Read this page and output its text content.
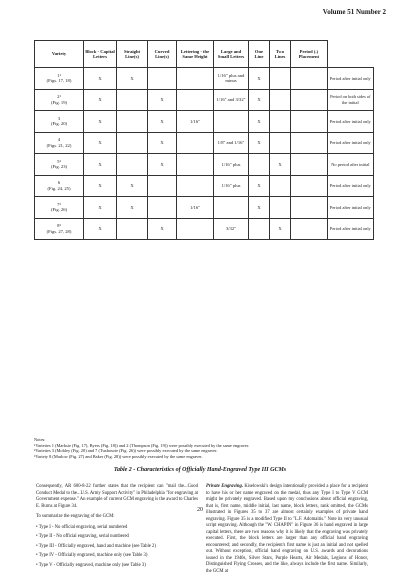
Volume 51 Number 2
Variety	Block - Capital Letters	Straight Line(s)	Curved Line(s)	Lettering - the Same Height	Large and Small Letters	One Line	Two Lines	Period (.) Placement	

1¹
(Figs. 17, 18)	X	X			1/16" plus and minus	X			Period after initial only

2¹
(Fig. 19)	X		X		1/16" and 3/32"	X			Period on both sides of the initial

3
(Fig. 20)	X		X	1/16"		X			Period after initial only

4
(Figs. 21, 22)	X		X		1/8" and 1/16"	X			Period after initial only

5²
(Fig. 23)	X		X		1/16" plus		X		No period after initial

6
(Fig. 24, 25)	X	X			1/16" plus	X			Period after initial only

7³
(Fig. 26)	X	X		1/16"		X			Period after initial only

8³
(Figs. 27, 28)	X		X		3/32"		X		Period after initial only
Notes:
¹Varieties 1 (Marksie (Fig. 17), Byers (Fig. 18)) and 2 (Thompson (Fig. 19)) were possibly executed by the same engraver.
²Varieties 3 (Mobley (Fig. 20) and 7 (Tuxbourie (Fig. 26)) were possibly executed by the same engraver.
³Variety 8 (Marlow (Fig. 27) and Baker (Fig. 28)) were possibly executed by the same engraver.
Table 2 - Characteristics of Officially Hand-Engraved Type III GCMs

Consequently, AR 600-8-22 further states that the recipient can "mail the...Good Conduct Medal to the...U.S. Army Support Activity" in Philadelphia "for engraving at Government expense." An example of current GCM engraving is the award to Charles E. Burns at Figure 34.

To summarize the engraving of the GCM:

• Type I - No official engraving, serial numbered
• Type II - No official engraving, serial numbered
• Type III - Officially engraved, hand and machine (see Table 2)
• Type IV - Officially engraved, machine only (see Table 3)
• Type V - Officially engraved, machine only (see Table 3)

Private Engraving. Kiselowski's design intentionally provided a place for a recipient to have his or her name engraved on the medal, thus any Type I to Type V GCM might be privately engraved. Based upon my conclusions about official engraving, that is, first name, middle initial, last name, block letters, rank omitted, the GCMs illustrated in Figures 35 to 37 are almost certainly examples of private hand engraving. Figure 35 is a modified Type II to "L.F. Adomaitis." Note its very unusual script engraving. Although the "W. CHAPIN" in Figure 36 is hand engraved in large capital letters, there are two reasons why it is likely that the engraving was privately executed. First, the block letters are larger than any official hand engraving encountered; and secondly, the recipient's first name is just an initial and not spelled out. Without exception, official hand engraving on U.S. awards and decorations issued in the 1940s, Silver Stars, Purple Hearts, Air Medals, Legions of Honor, Distinguished Flying Crosses, and the like, always include the first name. Similarly, the GCM at

20
